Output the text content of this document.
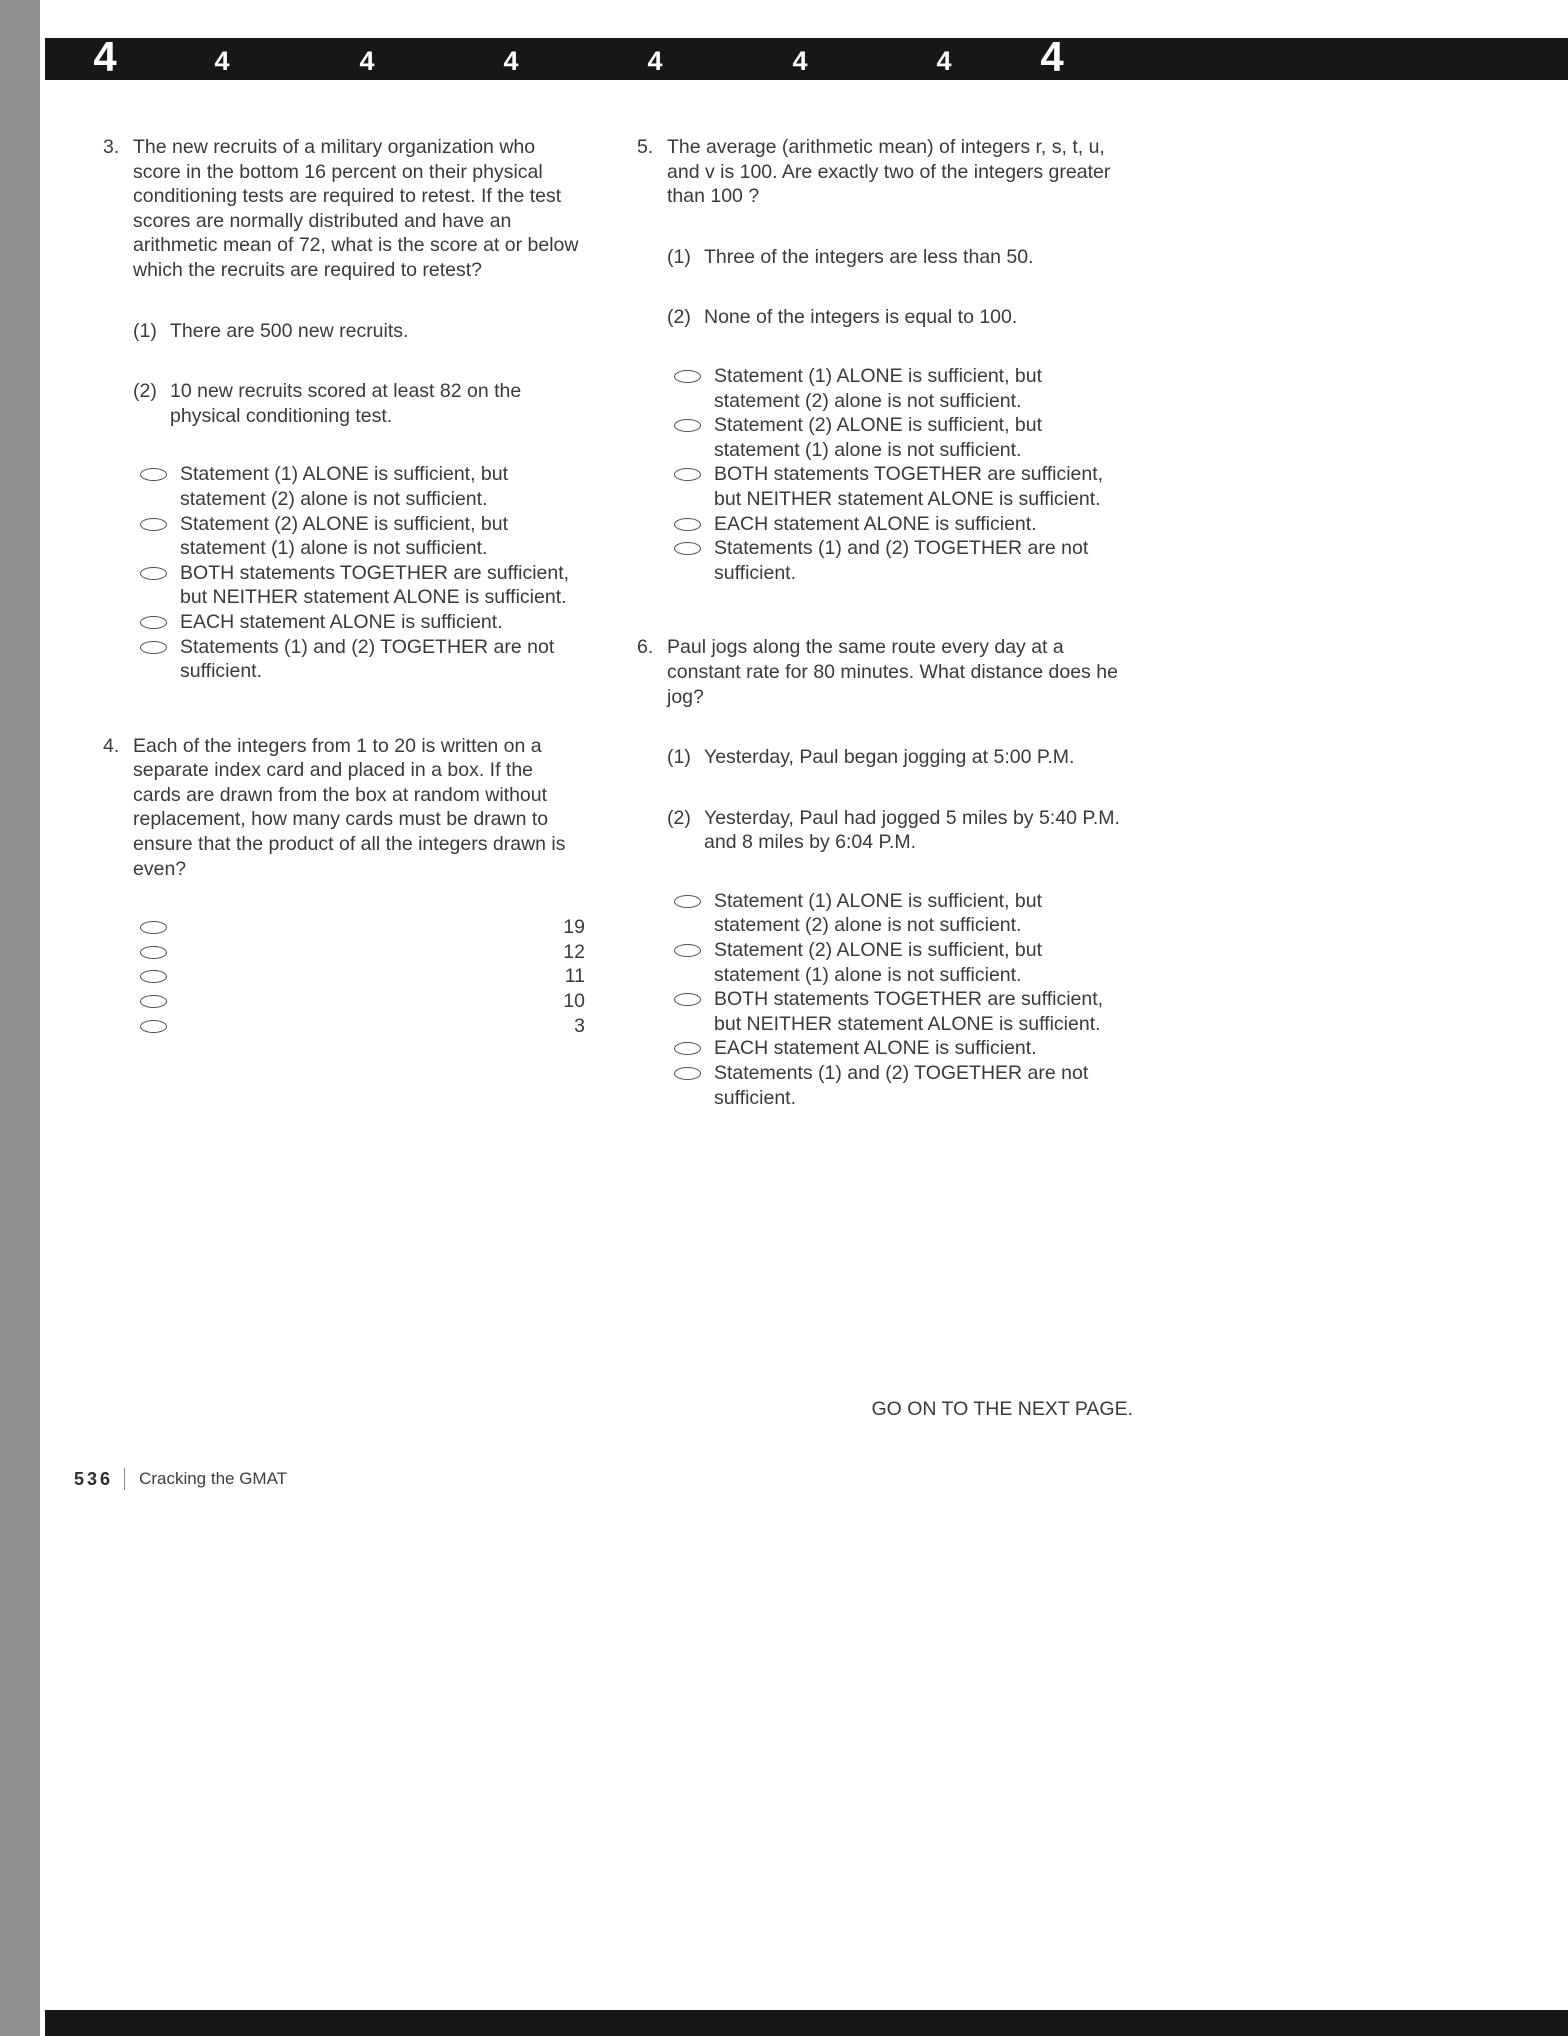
4	4	4	4	4	4	4 4
3. The new recruits of a military organization who score in the bottom 16 percent on their physical conditioning tests are required to retest. If the test scores are normally distributed and have an arithmetic mean of 72, what is the score at or below which the recruits are required to retest?
(1) There are 500 new recruits.
(2) 10 new recruits scored at least 82 on the physical conditioning test.
Statement (1) ALONE is sufficient, but statement (2) alone is not sufficient.
Statement (2) ALONE is sufficient, but statement (1) alone is not sufficient.
BOTH statements TOGETHER are sufficient, but NEITHER statement ALONE is sufficient.
EACH statement ALONE is sufficient.
Statements (1) and (2) TOGETHER are not sufficient.
4. Each of the integers from 1 to 20 is written on a separate index card and placed in a box. If the cards are drawn from the box at random without replacement, how many cards must be drawn to ensure that the product of all the integers drawn is even?
19
12
11
10
3
5. The average (arithmetic mean) of integers r, s, t, u, and v is 100. Are exactly two of the integers greater than 100 ?
(1) Three of the integers are less than 50.
(2) None of the integers is equal to 100.
Statement (1) ALONE is sufficient, but statement (2) alone is not sufficient.
Statement (2) ALONE is sufficient, but statement (1) alone is not sufficient.
BOTH statements TOGETHER are sufficient, but NEITHER statement ALONE is sufficient.
EACH statement ALONE is sufficient.
Statements (1) and (2) TOGETHER are not sufficient.
6. Paul jogs along the same route every day at a constant rate for 80 minutes. What distance does he jog?
(1) Yesterday, Paul began jogging at 5:00 P.M.
(2) Yesterday, Paul had jogged 5 miles by 5:40 P.M. and 8 miles by 6:04 P.M.
Statement (1) ALONE is sufficient, but statement (2) alone is not sufficient.
Statement (2) ALONE is sufficient, but statement (1) alone is not sufficient.
BOTH statements TOGETHER are sufficient, but NEITHER statement ALONE is sufficient.
EACH statement ALONE is sufficient.
Statements (1) and (2) TOGETHER are not sufficient.
GO ON TO THE NEXT PAGE.
536 Cracking the GMAT
